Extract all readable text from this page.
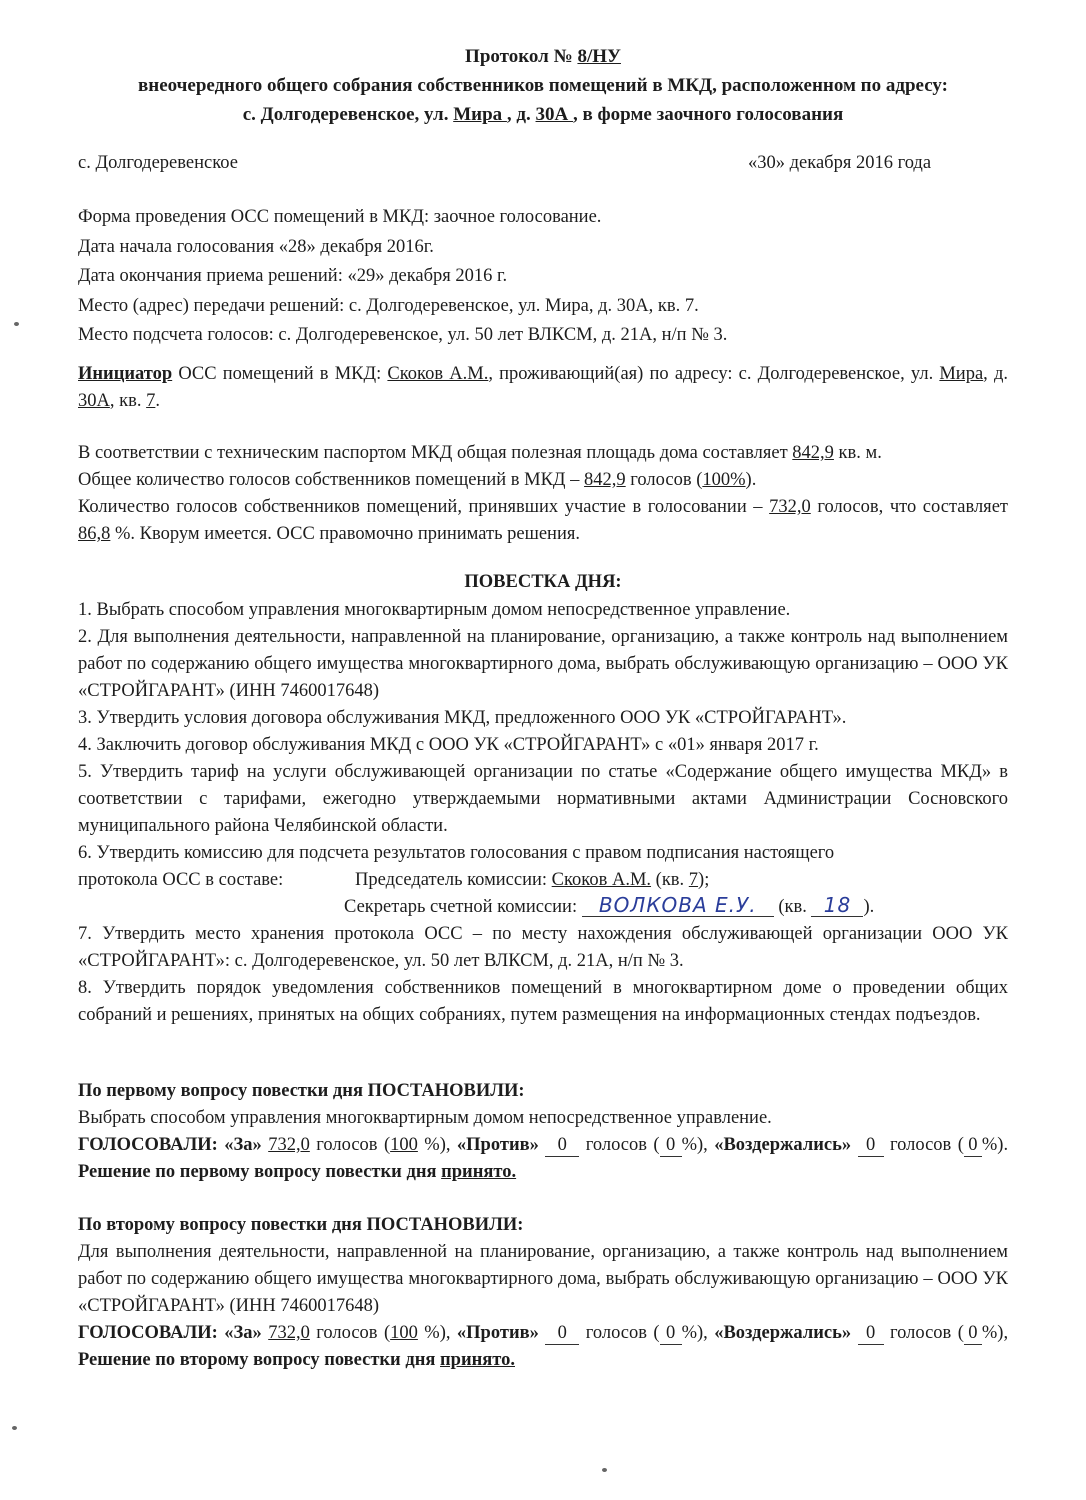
Протокол № 8/НУ
внеочередного общего собрания собственников помещений в МКД, расположенном по адресу:
с. Долгодеревенское, ул. Мира , д. 30А , в форме заочного голосования
с. Долгодеревенское	«30» декабря 2016 года
Форма проведения ОСС помещений в МКД: заочное голосование.
Дата начала голосования «28» декабря 2016г.
Дата окончания приема решений: «29» декабря 2016 г.
Место (адрес) передачи решений: с. Долгодеревенское, ул. Мира, д. 30А, кв. 7.
Место подсчета голосов: с. Долгодеревенское, ул. 50 лет ВЛКСМ, д. 21А, н/п № 3.
Инициатор ОСС помещений в МКД: Скоков А.М., проживающий(ая) по адресу: с. Долгодеревенское, ул. Мира, д. 30А, кв. 7.
В соответствии с техническим паспортом МКД общая полезная площадь дома составляет 842,9 кв. м.
Общее количество голосов собственников помещений в МКД – 842,9 голосов (100%).
Количество голосов собственников помещений, принявших участие в голосовании – 732,0 голосов, что составляет 86,8 %. Кворум имеется. ОСС правомочно принимать решения.
ПОВЕСТКА ДНЯ:
1. Выбрать способом управления многоквартирным домом непосредственное управление.
2. Для выполнения деятельности, направленной на планирование, организацию, а также контроль над выполнением работ по содержанию общего имущества многоквартирного дома, выбрать обслуживающую организацию – ООО УК «СТРОЙГАРАНТ» (ИНН 7460017648)
3. Утвердить условия договора обслуживания МКД, предложенного ООО УК «СТРОЙГАРАНТ».
4. Заключить договор обслуживания МКД с ООО УК «СТРОЙГАРАНТ» с «01» января 2017 г.
5. Утвердить тариф на услуги обслуживающей организации по статье «Содержание общего имущества МКД» в соответствии с тарифами, ежегодно утверждаемыми нормативными актами Администрации Сосновского муниципального района Челябинской области.
6. Утвердить комиссию для подсчета результатов голосования с правом подписания настоящего
протокола ОСС в составе:	Председатель комиссии: Скоков А.М. (кв. 7);
Секретарь счетной комиссии: ВОЛКОВА Е.У. (кв. 18 ).
7. Утвердить место хранения протокола ОСС – по месту нахождения обслуживающей организации ООО УК «СТРОЙГАРАНТ»: с. Долгодеревенское, ул. 50 лет ВЛКСМ, д. 21А, н/п № 3.
8. Утвердить порядок уведомления собственников помещений в многоквартирном доме о проведении общих собраний и решениях, принятых на общих собраниях, путем размещения на информационных стендах подъездов.
По первому вопросу повестки дня ПОСТАНОВИЛИ:
Выбрать способом управления многоквартирным домом непосредственное управление.
ГОЛОСОВАЛИ: «За» 732,0 голосов (100 %), «Против» 0 голосов ( 0 %), «Воздержались» 0 голосов ( 0 %). Решение по первому вопросу повестки дня принято.
По второму вопросу повестки дня ПОСТАНОВИЛИ:
Для выполнения деятельности, направленной на планирование, организацию, а также контроль над выполнением работ по содержанию общего имущества многоквартирного дома, выбрать обслуживающую организацию – ООО УК «СТРОЙГАРАНТ» (ИНН 7460017648)
ГОЛОСОВАЛИ: «За» 732,0 голосов (100 %), «Против» 0 голосов ( 0 %), «Воздержались» 0 голосов ( 0 %), Решение по второму вопросу повестки дня принято.
